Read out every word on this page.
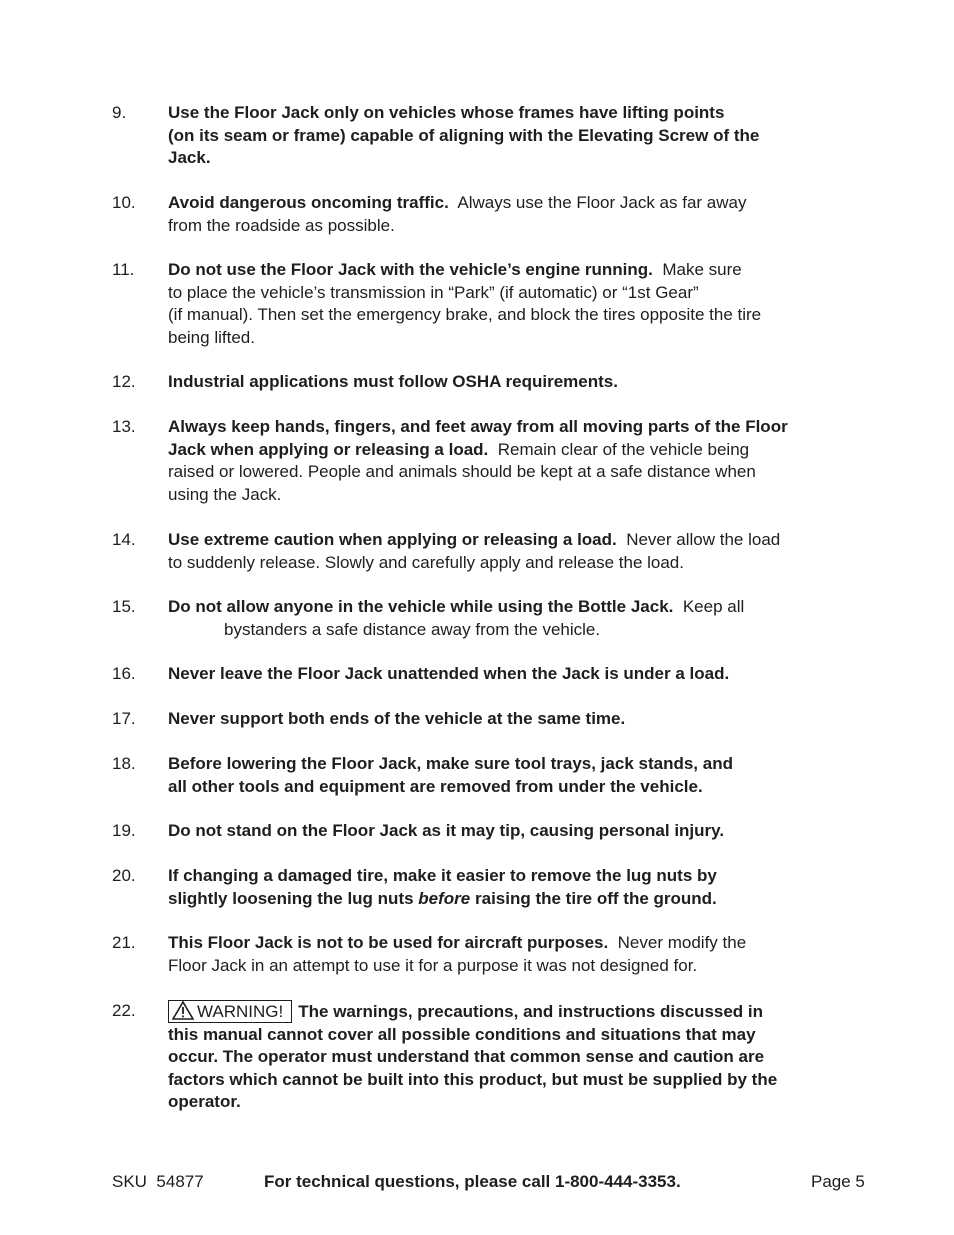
9. Use the Floor Jack only on vehicles whose frames have lifting points
(on its seam or frame) capable of aligning with the Elevating Screw of the
Jack.
10. Avoid dangerous oncoming traffic. Always use the Floor Jack as far away
from the roadside as possible.
11. Do not use the Floor Jack with the vehicle’s engine running. Make sure
to place the vehicle’s transmission in “Park” (if automatic) or “1st Gear”
(if manual). Then set the emergency brake, and block the tires opposite the tire
being lifted.
12. Industrial applications must follow OSHA requirements.
13. Always keep hands, fingers, and feet away from all moving parts of the Floor
Jack when applying or releasing a load. Remain clear of the vehicle being
raised or lowered. People and animals should be kept at a safe distance when
using the Jack.
14. Use extreme caution when applying or releasing a load. Never allow the load
to suddenly release. Slowly and carefully apply and release the load.
15. Do not allow anyone in the vehicle while using the Bottle Jack. Keep all
bystanders a safe distance away from the vehicle.
16. Never leave the Floor Jack unattended when the Jack is under a load.
17. Never support both ends of the vehicle at the same time.
18. Before lowering the Floor Jack, make sure tool trays, jack stands, and
all other tools and equipment are removed from under the vehicle.
19. Do not stand on the Floor Jack as it may tip, causing personal injury.
20. If changing a damaged tire, make it easier to remove the lug nuts by
slightly loosening the lug nuts before raising the tire off the ground.
21. This Floor Jack is not to be used for aircraft purposes. Never modify the
Floor Jack in an attempt to use it for a purpose it was not designed for.
22.	WARNING! The warnings, precautions, and instructions discussed in
this manual cannot cover all possible conditions and situations that may
occur. The operator must understand that common sense and caution are
factors which cannot be built into this product, but must be supplied by the
operator.
SKU 54877	For technical questions, please call 1-800-444-3353.	Page 5
